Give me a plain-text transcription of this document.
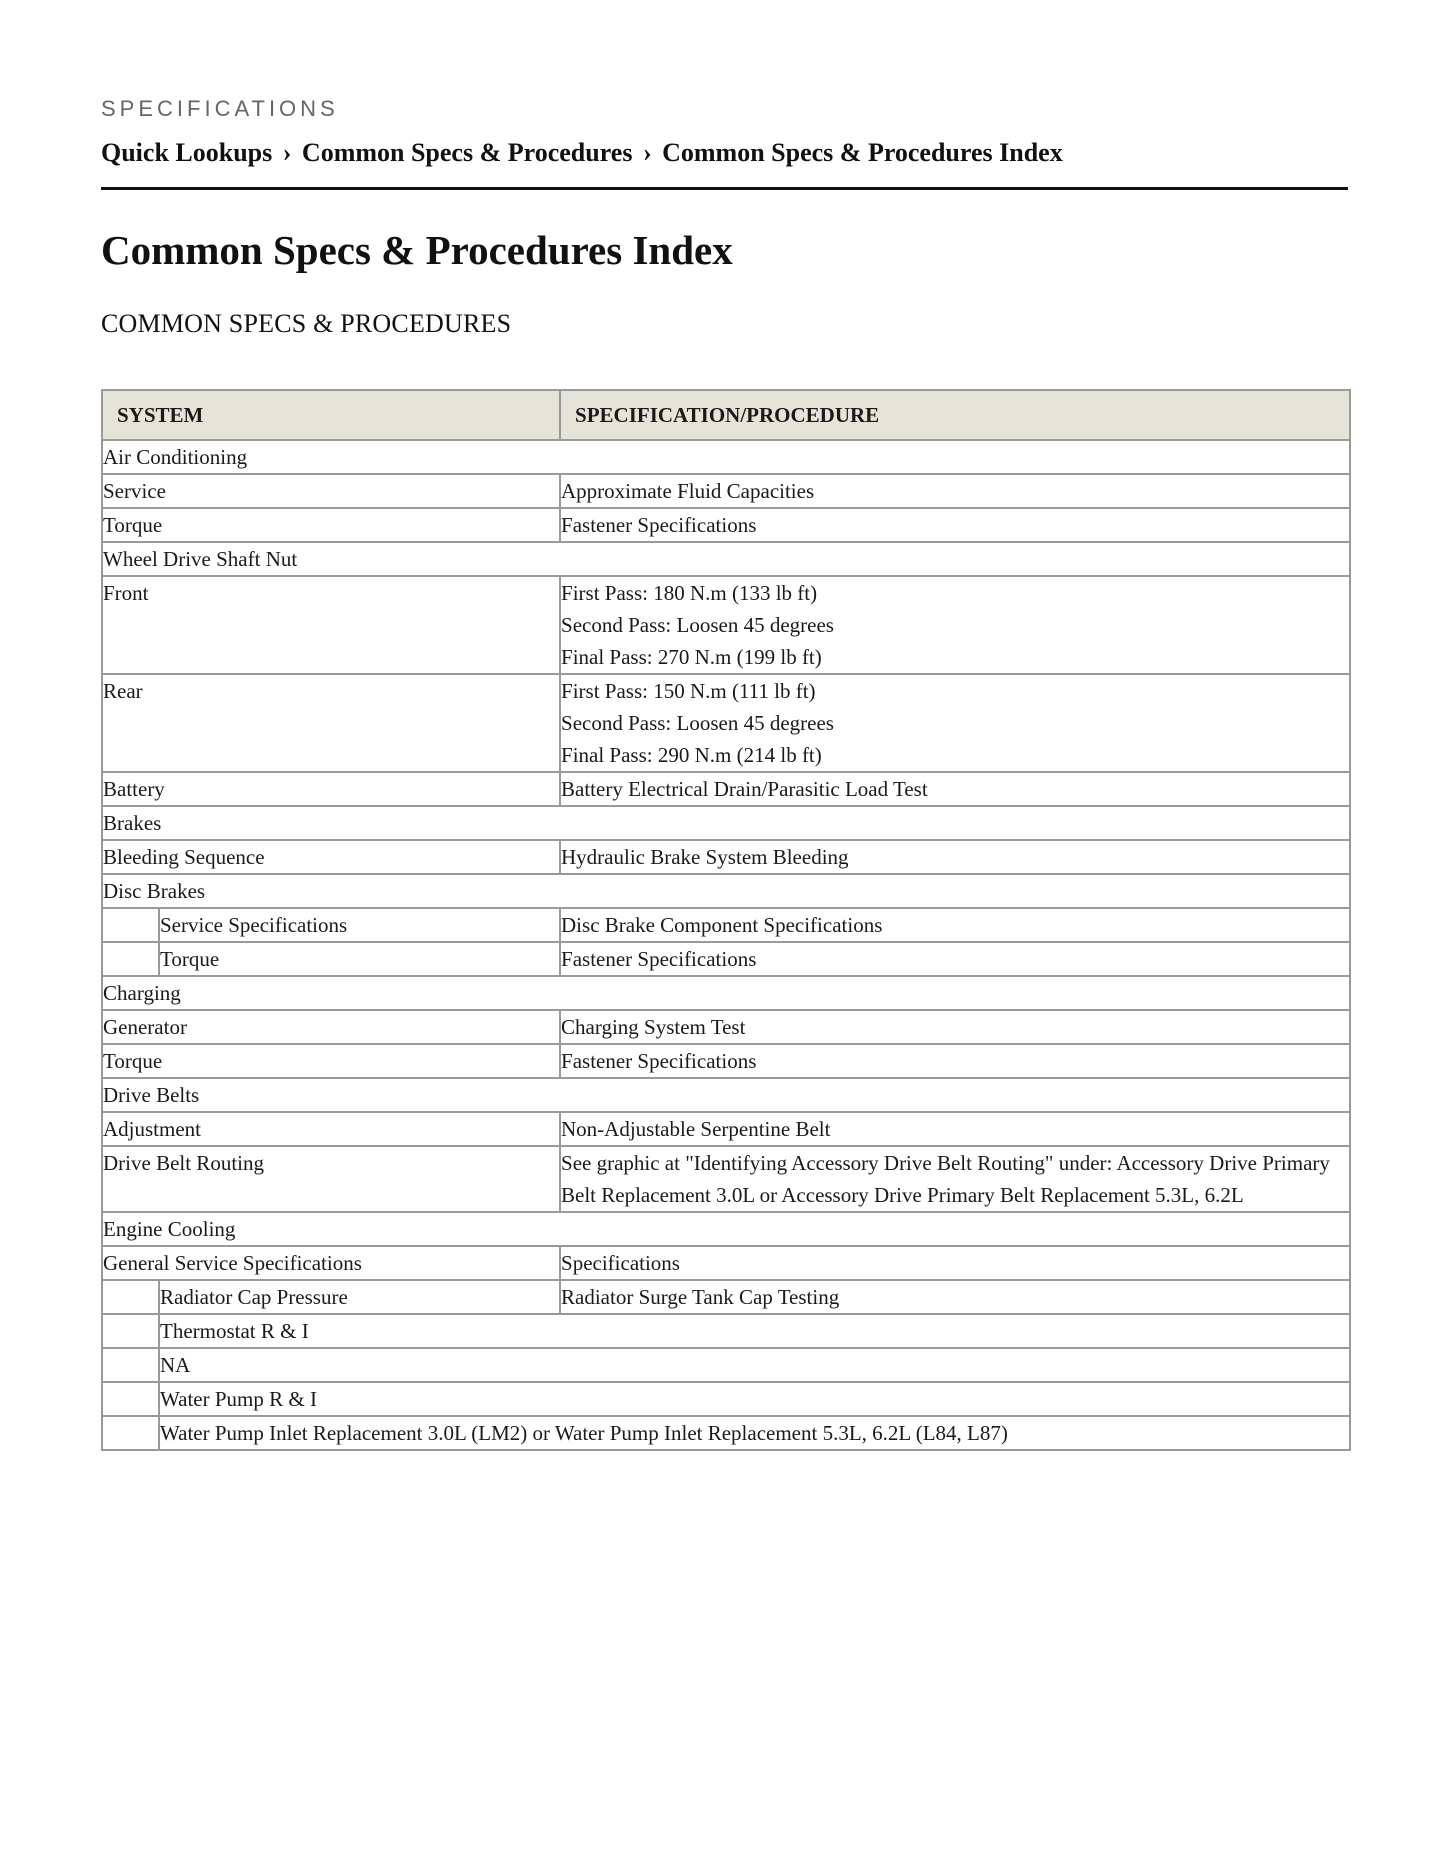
SPECIFICATIONS
Quick Lookups › Common Specs & Procedures › Common Specs & Procedures Index
Common Specs & Procedures Index
COMMON SPECS & PROCEDURES
SYSTEM		SPECIFICATION/PROCEDURE
Air Conditioning		
Service		Approximate Fluid Capacities
Torque		Fastener Specifications
Wheel Drive Shaft Nut		
Front		First Pass: 180 N.m (133 lb ft)
Second Pass: Loosen 45 degrees
Final Pass: 270 N.m (199 lb ft)

Rear		First Pass: 150 N.m (111 lb ft)
Second Pass: Loosen 45 degrees
Final Pass: 290 N.m (214 lb ft)

Battery		Battery Electrical Drain/Parasitic Load Test
Brakes		
Bleeding Sequence		Hydraulic Brake System Bleeding
Disc Brakes		
	Service Specifications	Disc Brake Component Specifications
	Torque	Fastener Specifications
Charging		
Generator		Charging System Test
Torque		Fastener Specifications
Drive Belts		
Adjustment		Non-Adjustable Serpentine Belt
Drive Belt Routing		See graphic at "Identifying Accessory Drive Belt Routing" under: Accessory Drive Primary Belt Replacement 3.0L or Accessory Drive Primary Belt Replacement 5.3L, 6.2L
Engine Cooling		
General Service Specifications		Specifications
	Radiator Cap Pressure	Radiator Surge Tank Cap Testing
	Thermostat R & I	
	NA	
	Water Pump R & I	
	Water Pump Inlet Replacement 3.0L (LM2) or Water Pump Inlet Replacement 5.3L, 6.2L (L84, L87)	
